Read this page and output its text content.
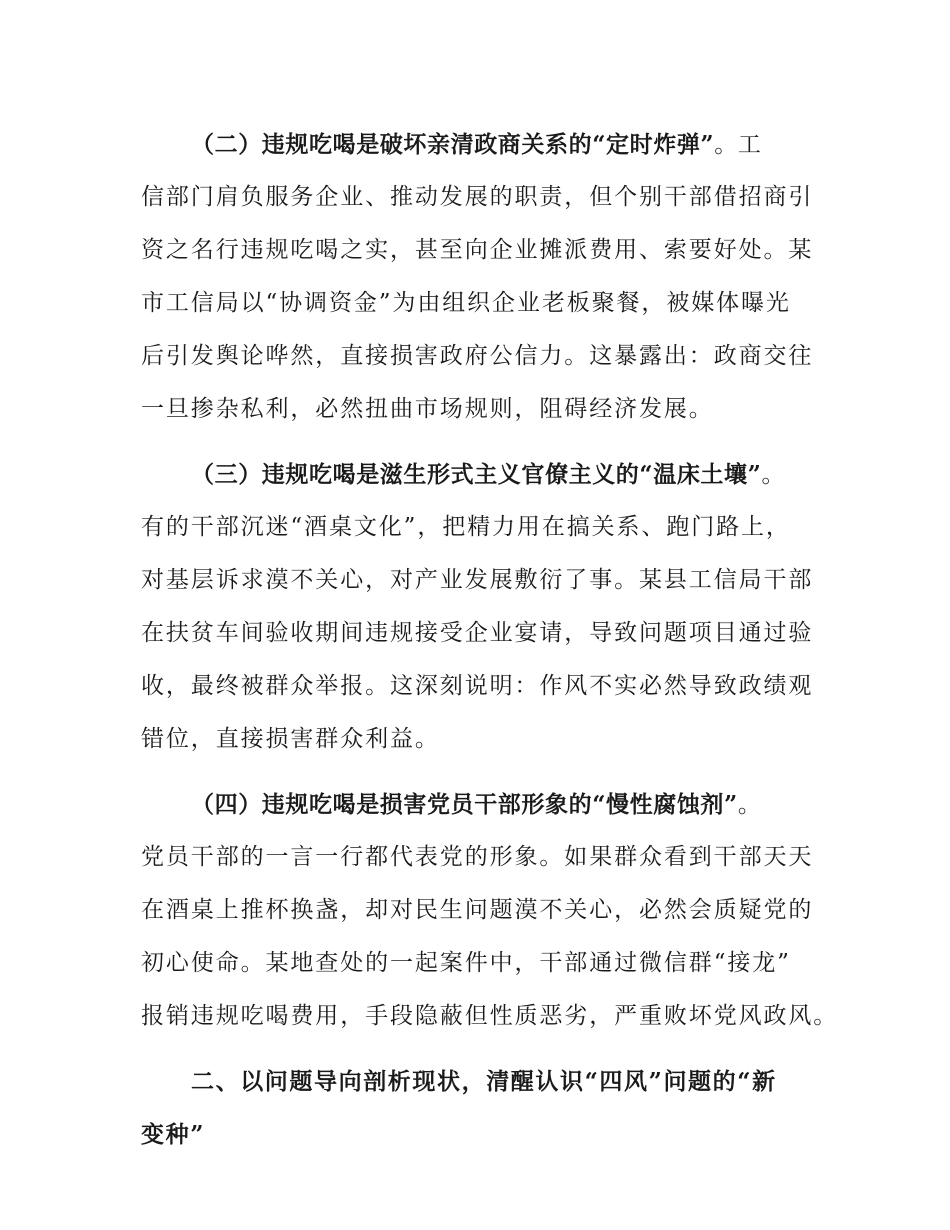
（二）违规吃喝是破坏亲清政商关系的“定时炸弹”。工
信部门肩负服务企业、推动发展的职责，但个别干部借招商引
资之名行违规吃喝之实，甚至向企业摊派费用、索要好处。某
市工信局以“协调资金”为由组织企业老板聚餐，被媒体曝光
后引发舆论哗然，直接损害政府公信力。这暴露出：政商交往
一旦掺杂私利，必然扭曲市场规则，阻碍经济发展。
（三）违规吃喝是滋生形式主义官僚主义的“温床土壤”。
有的干部沉迷“酒桌文化”，把精力用在搞关系、跑门路上，
对基层诉求漠不关心，对产业发展敷衍了事。某县工信局干部
在扶贫车间验收期间违规接受企业宴请，导致问题项目通过验
收，最终被群众举报。这深刻说明：作风不实必然导致政绩观
错位，直接损害群众利益。
（四）违规吃喝是损害党员干部形象的“慢性腐蚀剂”。
党员干部的一言一行都代表党的形象。如果群众看到干部天天
在酒桌上推杯换盏，却对民生问题漠不关心，必然会质疑党的
初心使命。某地查处的一起案件中，干部通过微信群“接龙”
报销违规吃喝费用，手段隐蔽但性质恶劣，严重败坏党风政风。
二、以问题导向剖析现状，清醒认识“四风”问题的“新
变种”
